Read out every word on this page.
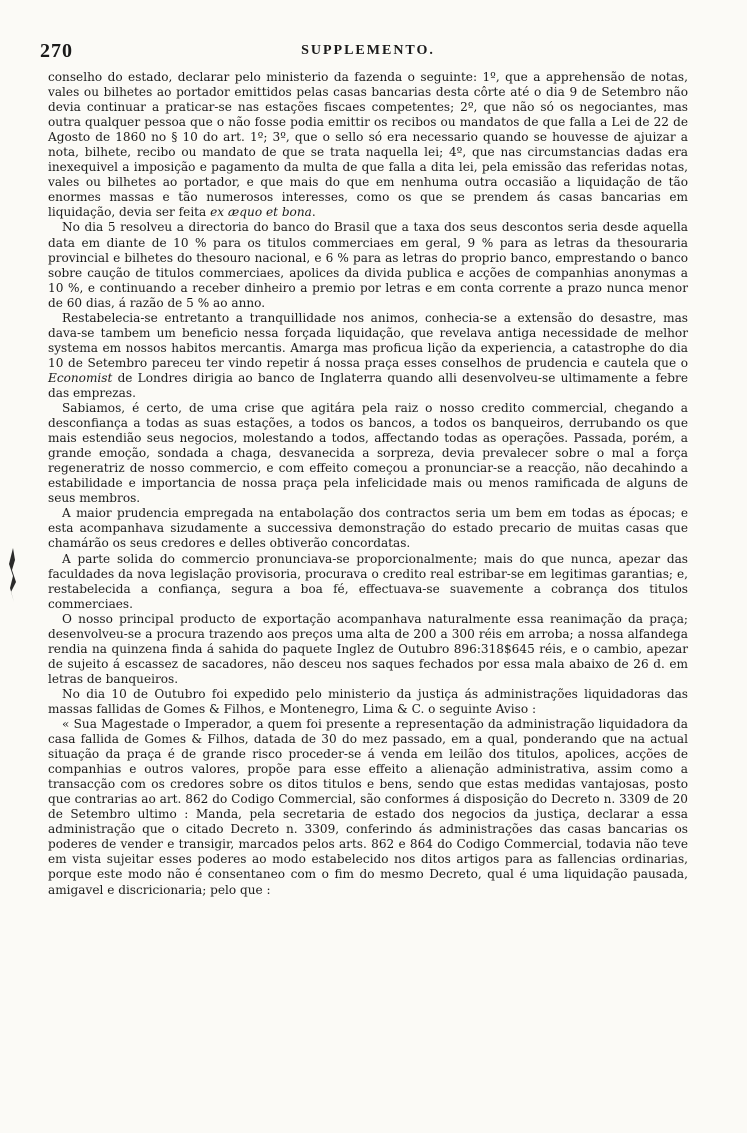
270	SUPPLEMENTO.

conselho do estado, declarar pelo ministerio da fazenda o seguinte: 1º, que a apprehensão de notas, vales ou bilhetes ao portador emittidos pelas casas bancarias desta côrte até o dia 9 de Setembro não devia continuar a praticar-se nas estações fiscaes competentes; 2º, que não só os negociantes, mas outra qualquer pessoa que o não fosse podia emittir os recibos ou mandatos de que falla a Lei de 22 de Agosto de 1860 no § 10 do art. 1º; 3º, que o sello só era necessario quando se houvesse de ajuizar a nota, bilhete, recibo ou mandato de que se trata naquella lei; 4º, que nas circumstancias dadas era inexequivel a imposição e pagamento da multa de que falla a dita lei, pela emissão das referidas notas, vales ou bilhetes ao portador, e que mais do que em nenhuma outra occasião a liquidação de tão enormes massas e tão numerosos interesses, como os que se prendem ás casas bancarias em liquidação, devia ser feita ex æquo et bona.

No dia 5 resolveu a directoria do banco do Brasil que a taxa dos seus descontos seria desde aquella data em diante de 10 % para os titulos commerciaes em geral, 9 % para as letras da thesouraria provincial e bilhetes do thesouro nacional, e 6 % para as letras do proprio banco, emprestando o banco sobre caução de titulos commerciaes, apolices da divida publica e acções de companhias anonymas a 10 %, e continuando a receber dinheiro a premio por letras e em conta corrente a prazo nunca menor de 60 dias, á razão de 5 % ao anno.

Restabelecia-se entretanto a tranquillidade nos animos, conhecia-se a extensão do desastre, mas dava-se tambem um beneficio nessa forçada liquidação, que revelava antiga necessidade de melhor systema em nossos habitos mercantis. Amarga mas proficua lição da experiencia, a catastrophe do dia 10 de Setembro pareceu ter vindo repetir á nossa praça esses conselhos de prudencia e cautela que o Economist de Londres dirigia ao banco de Inglaterra quando alli desenvolveu-se ultimamente a febre das emprezas.

Sabiamos, é certo, de uma crise que agitára pela raiz o nosso credito commercial, chegando a desconfiança a todas as suas estações, a todos os bancos, a todos os banqueiros, derrubando os que mais estendião seus negocios, molestando a todos, affectando todas as operações. Passada, porém, a grande emoção, sondada a chaga, desvanecida a sorpreza, devia prevalecer sobre o mal a força regeneratriz de nosso commercio, e com effeito começou a pronunciar-se a reacção, não decahindo a estabilidade e importancia de nossa praça pela infelicidade mais ou menos ramificada de alguns de seus membros.

A maior prudencia empregada na entabolação dos contractos seria um bem em todas as épocas; e esta acompanhava sizudamente a successiva demonstração do estado precario de muitas casas que chamárão os seus credores e delles obtiverão concordatas.

A parte solida do commercio pronunciava-se proporcionalmente; mais do que nunca, apezar das faculdades da nova legislação provisoria, procurava o credito real estribar-se em legitimas garantias; e, restabelecida a confiança, segura a boa fé, effectuava-se suavemente a cobrança dos titulos commerciaes.

O nosso principal producto de exportação acompanhava naturalmente essa reanimação da praça; desenvolveu-se a procura trazendo aos preços uma alta de 200 a 300 réis em arroba; a nossa alfandega rendia na quinzena finda á sahida do paquete Inglez de Outubro 896:318$645 réis, e o cambio, apezar de sujeito á escassez de sacadores, não desceu nos saques fechados por essa mala abaixo de 26 d. em letras de banqueiros.

No dia 10 de Outubro foi expedido pelo ministerio da justiça ás administrações liquidadoras das massas fallidas de Gomes & Filhos, e Montenegro, Lima & C. o seguinte Aviso :

« Sua Magestade o Imperador, a quem foi presente a representação da administração liquidadora da casa fallida de Gomes & Filhos, datada de 30 do mez passado, em a qual, ponderando que na actual situação da praça é de grande risco proceder-se á venda em leilão dos titulos, apolices, acções de companhias e outros valores, propõe para esse effeito a alienação administrativa, assim como a transacção com os credores sobre os ditos titulos e bens, sendo que estas medidas vantajosas, posto que contrarias ao art. 862 do Codigo Commercial, são conformes á disposição do Decreto n. 3309 de 20 de Setembro ultimo : Manda, pela secretaria de estado dos negocios da justiça, declarar a essa administração que o citado Decreto n. 3309, conferindo ás administrações das casas bancarias os poderes de vender e transigir, marcados pelos arts. 862 e 864 do Codigo Commercial, todavia não teve em vista sujeitar esses poderes ao modo estabelecido nos ditos artigos para as fallencias ordinarias, porque este modo não é consentaneo com o fim do mesmo Decreto, qual é uma liquidação pausada, amigavel e discricionaria; pelo que :
